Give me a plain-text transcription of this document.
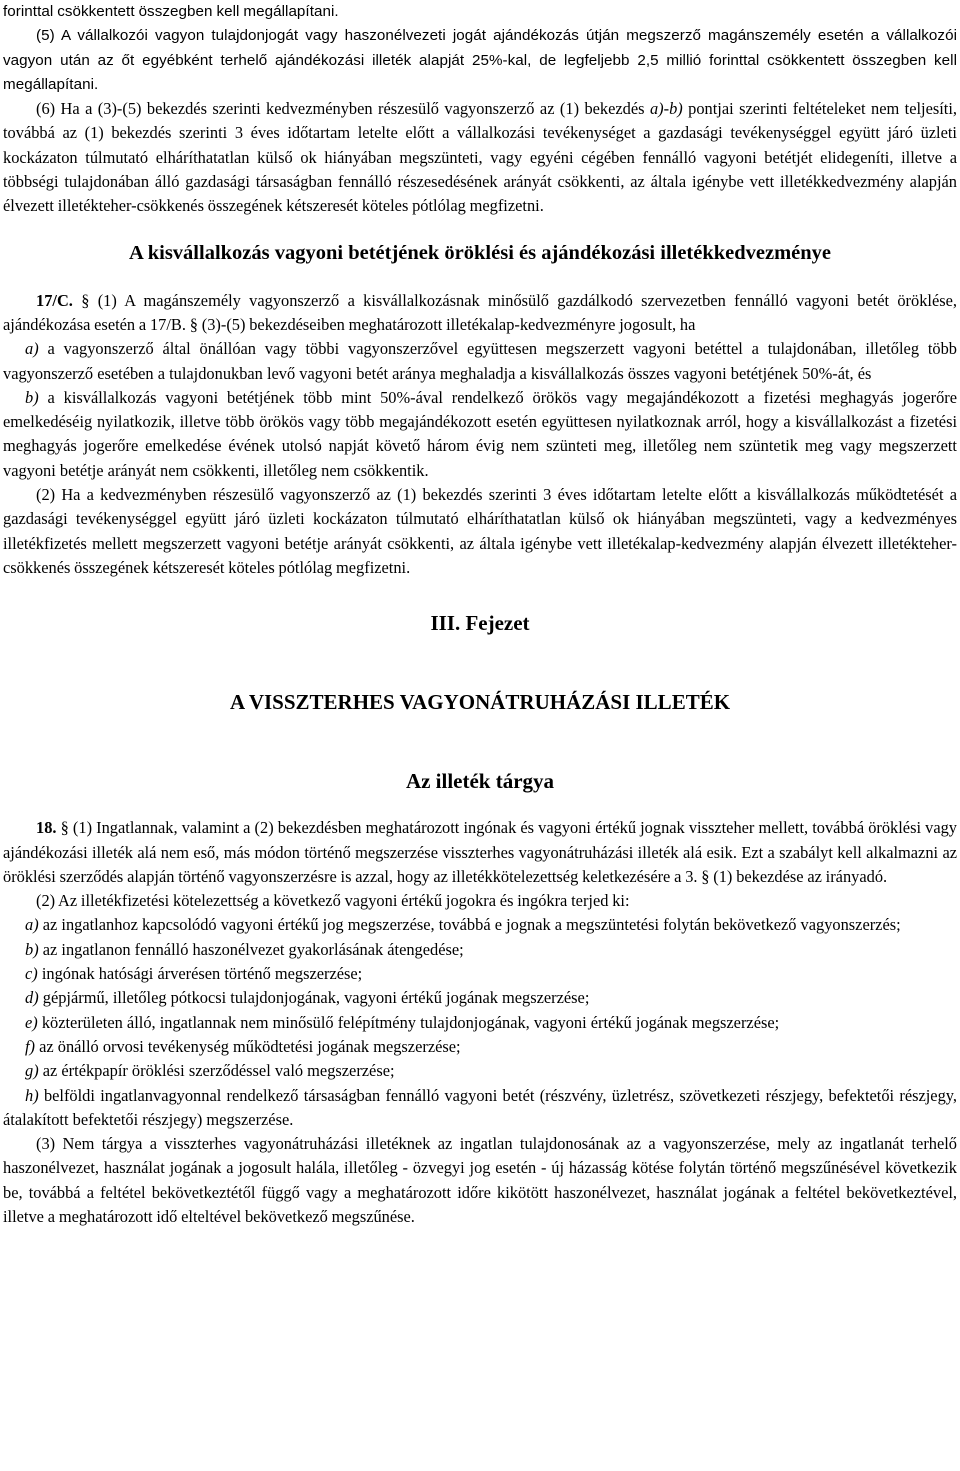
forinttal csökkentett összegben kell megállapítani.

(5) A vállalkozói vagyon tulajdonjogát vagy haszonélvezeti jogát ajándékozás útján megszerző magánszemély esetén a vállalkozói vagyon után az őt egyébként terhelő ajándékozási illeték alapját 25%-kal, de legfeljebb 2,5 millió forinttal csökkentett összegben kell megállapítani.

(6) Ha a (3)-(5) bekezdés szerinti kedvezményben részesülő vagyonszerző az (1) bekezdés a)-b) pontjai szerinti feltételeket nem teljesíti, továbbá az (1) bekezdés szerinti 3 éves időtartam letelte előtt a vállalkozási tevékenységet a gazdasági tevékenységgel együtt járó üzleti kockázaton túlmutató elháríthatatlan külső ok hiányában megszünteti, vagy egyéni cégében fennálló vagyoni betétjét elidegeníti, illetve a többségi tulajdonában álló gazdasági társaságban fennálló részesedésének arányát csökkenti, az általa igénybe vett illetékkedvezmény alapján élvezett illetékteher-csökkenés összegének kétszeresét köteles pótlólag megfizetni.

A kisvállalkozás vagyoni betétjének öröklési és ajándékozási illetékkedvezménye

17/C. § (1) A magánszemély vagyonszerző a kisvállalkozásnak minősülő gazdálkodó szervezetben fennálló vagyoni betét öröklése, ajándékozása esetén a 17/B. § (3)-(5) bekezdéseiben meghatározott illetékalap-kedvezményre jogosult, ha

a) a vagyonszerző által önállóan vagy többi vagyonszerzővel együttesen megszerzett vagyoni betéttel a tulajdonában, illetőleg több vagyonszerző esetében a tulajdonukban levő vagyoni betét aránya meghaladja a kisvállalkozás összes vagyoni betétjének 50%-át, és

b) a kisvállalkozás vagyoni betétjének több mint 50%-ával rendelkező örökös vagy megajándékozott a fizetési meghagyás jogerőre emelkedéséig nyilatkozik, illetve több örökös vagy több megajándékozott esetén együttesen nyilatkoznak arról, hogy a kisvállalkozást a fizetési meghagyás jogerőre emelkedése évének utolsó napját követő három évig nem szünteti meg, illetőleg nem szüntetik meg vagy megszerzett vagyoni betétje arányát nem csökkenti, illetőleg nem csökkentik.

(2) Ha a kedvezményben részesülő vagyonszerző az (1) bekezdés szerinti 3 éves időtartam letelte előtt a kisvállalkozás működtetését a gazdasági tevékenységgel együtt járó üzleti kockázaton túlmutató elháríthatatlan külső ok hiányában megszünteti, vagy a kedvezményes illetékfizetés mellett megszerzett vagyoni betétje arányát csökkenti, az általa igénybe vett illetékalap-kedvezmény alapján élvezett illetékteher-csökkenés összegének kétszeresét köteles pótlólag megfizetni.

III. Fejezet
A VISSZTERHES VAGYONÁTRUHÁZÁSI ILLETÉK
Az illeték tárgya

18. § (1) Ingatlannak, valamint a (2) bekezdésben meghatározott ingónak és vagyoni értékű jognak visszteher mellett, továbbá öröklési vagy ajándékozási illeték alá nem eső, más módon történő megszerzése visszterhes vagyonátruházási illeték alá esik. Ezt a szabályt kell alkalmazni az öröklési szerződés alapján történő vagyonszerzésre is azzal, hogy az illetékkötelezettség keletkezésére a 3. § (1) bekezdése az irányadó.

(2) Az illetékfizetési kötelezettség a következő vagyoni értékű jogokra és ingókra terjed ki:

a) az ingatlanhoz kapcsolódó vagyoni értékű jog megszerzése, továbbá e jognak a megszüntetési folytán bekövetkező vagyonszerzés;

b) az ingatlanon fennálló haszonélvezet gyakorlásának átengedése;

c) ingónak hatósági árverésen történő megszerzése;

d) gépjármű, illetőleg pótkocsi tulajdonjogának, vagyoni értékű jogának megszerzése;

e) közterületen álló, ingatlannak nem minősülő felépítmény tulajdonjogának, vagyoni értékű jogának megszerzése;

f) az önálló orvosi tevékenység működtetési jogának megszerzése;

g) az értékpapír öröklési szerződéssel való megszerzése;

h) belföldi ingatlanvagyonnal rendelkező társaságban fennálló vagyoni betét (részvény, üzletrész, szövetkezeti részjegy, befektetői részjegy, átalakított befektetői részjegy) megszerzése.

(3) Nem tárgya a visszterhes vagyonátruházási illetéknek az ingatlan tulajdonosának az a vagyonszerzése, mely az ingatlanát terhelő haszonélvezet, használat jogának a jogosult halála, illetőleg - özvegyi jog esetén - új házasság kötése folytán történő megszűnésével következik be, továbbá a feltétel bekövetkeztétől függő vagy a meghatározott időre kikötött haszonélvezet, használat jogának a feltétel bekövetkeztével, illetve a meghatározott idő elteltével bekövetkező megszűnése.
